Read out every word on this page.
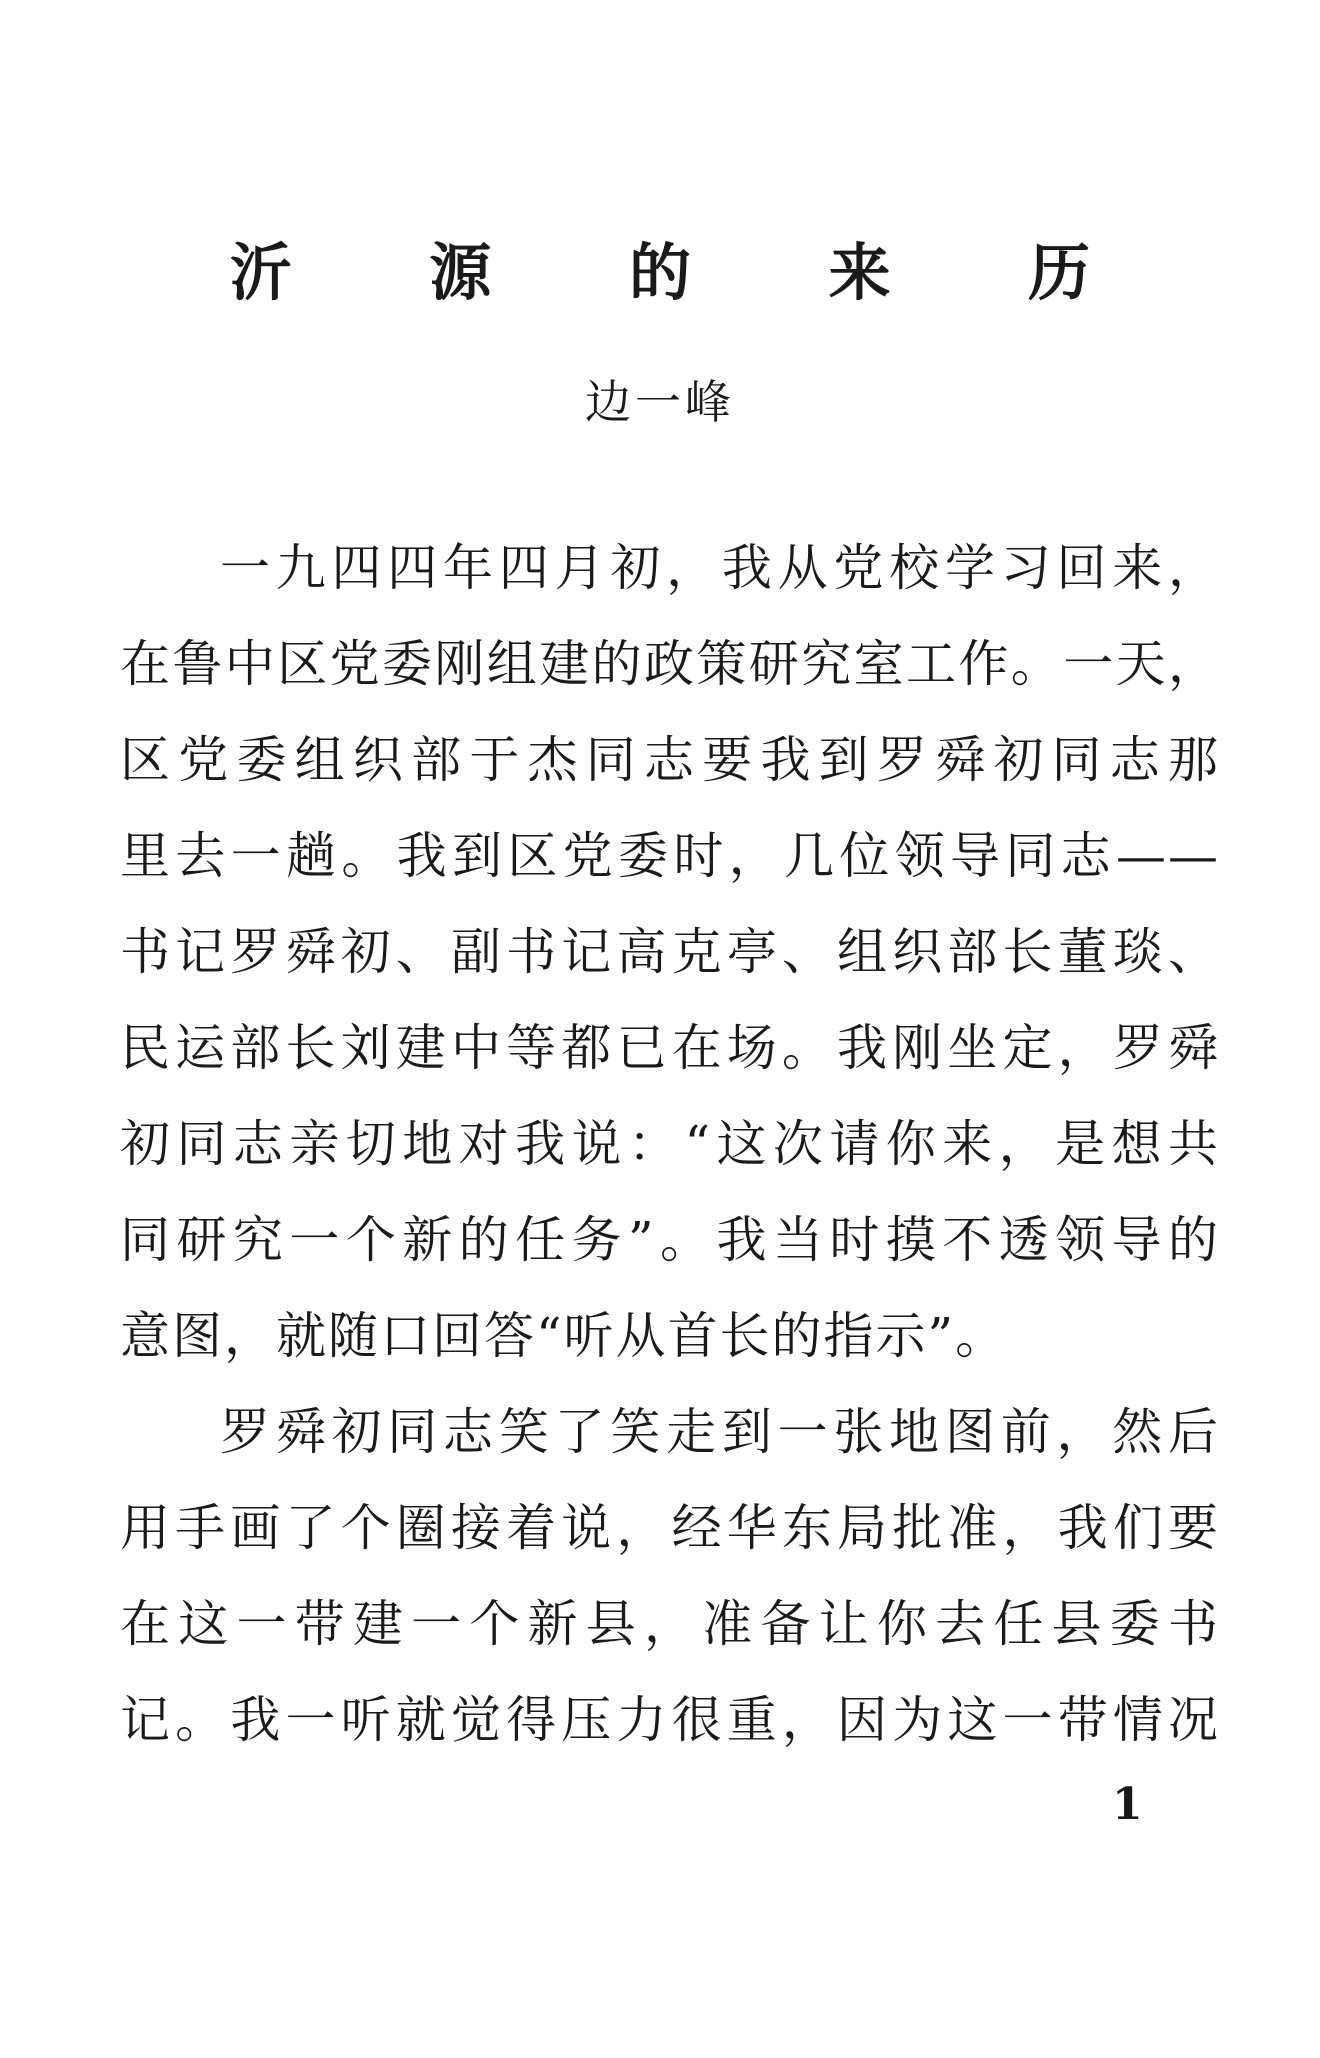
沂 源 的 来 历
边一峰
一九四四年四月初，我从党校学习回来，
在鲁中区党委刚组建的政策研究室工作。一天，
区党委组织部于杰同志要我到罗舜初同志那
里去一趟。我到区党委时，几位领导同志——
书记罗舜初、副书记高克亭、组织部长董琰、
民运部长刘建中等都已在场。我刚坐定，罗舜
初同志亲切地对我说：“这次请你来，是想共
同研究一个新的任务”。我当时摸不透领导的
意图，就随口回答“听从首长的指示”。
罗舜初同志笑了笑走到一张地图前，然后
用手画了个圈接着说，经华东局批准，我们要
在这一带建一个新县，准备让你去任县委书
记。我一听就觉得压力很重，因为这一带情况
1
